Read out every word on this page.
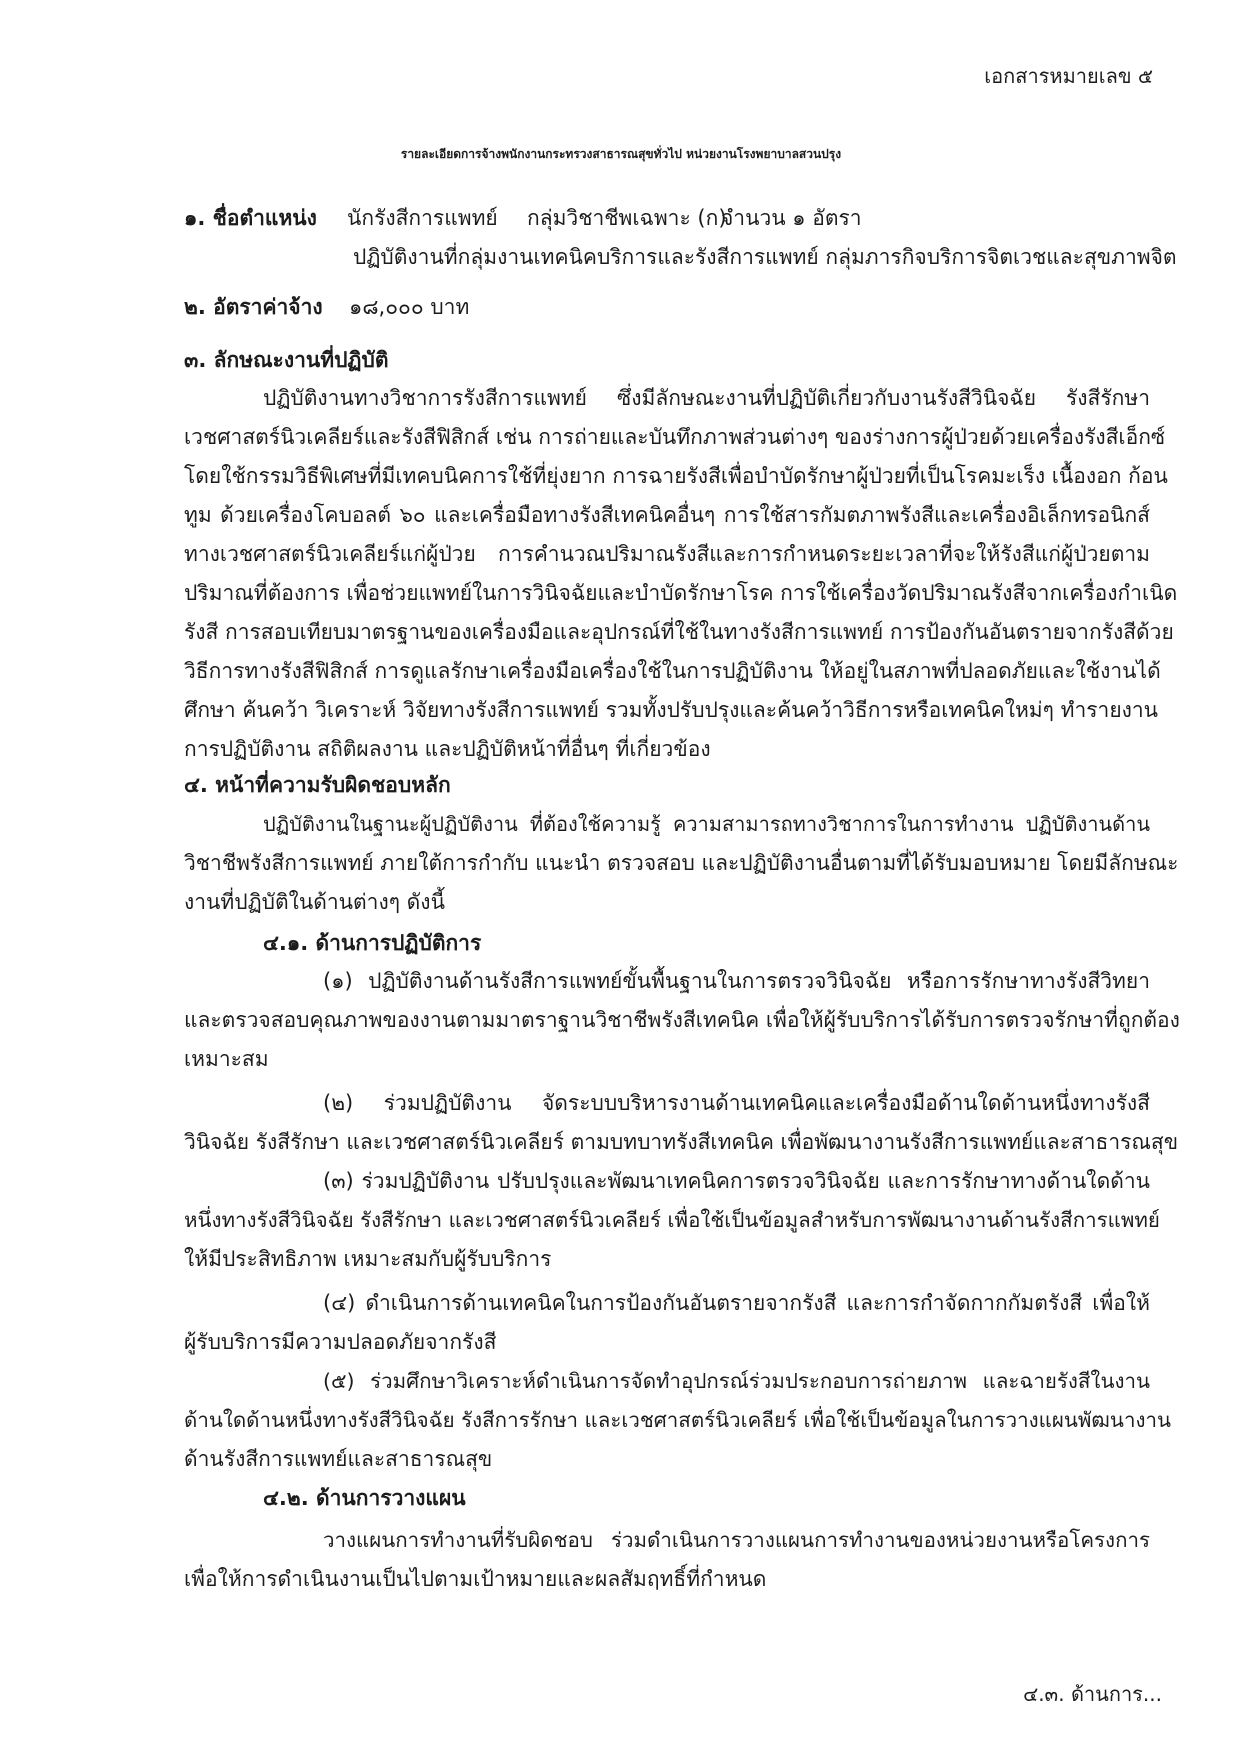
เอกสารหมายเลข ๕
รายละเอียดการจ้างพนักงานกระทรวงสาธารณสุขทั่วไป หน่วยงานโรงพยาบาลสวนปรุง
๑. ชื่อตำแหน่ง นักรังสีการแพทย์ กลุ่มวิชาชีพเฉพาะ (ก)
จำนวน ๑ อัตรา
ปฏิบัติงานที่กลุ่มงานเทคนิคบริการและรังสีการแพทย์ กลุ่มภารกิจบริการจิตเวชและสุขภาพจิต
๒. อัตราค่าจ้าง ๑๘,๐๐๐ บาท
๓. ลักษณะงานที่ปฏิบัติ
ปฏิบัติงานทางวิชาการรังสีการแพทย์ ซึ่งมีลักษณะงานที่ปฏิบัติเกี่ยวกับงานรังสีวินิจฉัย รังสีรักษา
เวชศาสตร์นิวเคลียร์และรังสีฟิสิกส์ เช่น การถ่ายและบันทึกภาพส่วนต่างๆ ของร่างการผู้ป่วยด้วยเครื่องรังสีเอ็กซ์
โดยใช้กรรมวิธีพิเศษที่มีเทคบนิคการใช้ที่ยุ่งยาก การฉายรังสีเพื่อบำบัดรักษาผู้ป่วยที่เป็นโรคมะเร็ง เนื้องอก ก้อน
ทูม ด้วยเครื่องโคบอลต์ ๖๐ และเครื่อมือทางรังสีเทคนิคอื่นๆ การใช้สารกัมตภาพรังสีและเครื่องอิเล็กทรอนิกส์
ทางเวชศาสตร์นิวเคลียร์แก่ผู้ป่วย การคำนวณปริมาณรังสีและการกำหนดระยะเวลาที่จะให้รังสีแก่ผู้ป่วยตาม
ปริมาณที่ต้องการ เพื่อช่วยแพทย์ในการวินิจฉัยและบำบัดรักษาโรค การใช้เครื่องวัดปริมาณรังสีจากเครื่องกำเนิด
รังสี การสอบเทียบมาตรฐานของเครื่องมือและอุปกรณ์ที่ใช้ในทางรังสีการแพทย์ การป้องกันอันตรายจากรังสีด้วย
วิธีการทางรังสีฟิสิกส์ การดูแลรักษาเครื่องมือเครื่องใช้ในการปฏิบัติงาน ให้อยู่ในสภาพที่ปลอดภัยและใช้งานได้
ศึกษา ค้นคว้า วิเคราะห์ วิจัยทางรังสีการแพทย์ รวมทั้งปรับปรุงและค้นคว้าวิธีการหรือเทคนิคใหม่ๆ ทำรายงาน
การปฏิบัติงาน สถิติผลงาน และปฏิบัติหน้าที่อื่นๆ ที่เกี่ยวข้อง
๔. หน้าที่ความรับผิดชอบหลัก
ปฏิบัติงานในฐานะผู้ปฏิบัติงาน ที่ต้องใช้ความรู้ ความสามารถทางวิชาการในการทำงาน ปฏิบัติงานด้าน
วิชาชีพรังสีการแพทย์ ภายใต้การกำกับ แนะนำ ตรวจสอบ และปฏิบัติงานอื่นตามที่ได้รับมอบหมาย โดยมีลักษณะ
งานที่ปฏิบัติในด้านต่างๆ ดังนี้
๔.๑. ด้านการปฏิบัติการ
(๑) ปฏิบัติงานด้านรังสีการแพทย์ขั้นพื้นฐานในการตรวจวินิจฉัย หรือการรักษาทางรังสีวิทยา
และตรวจสอบคุณภาพของงานตามมาตราฐานวิชาชีพรังสีเทคนิค เพื่อให้ผู้รับบริการได้รับการตรวจรักษาที่ถูกต้อง
เหมาะสม
(๒) ร่วมปฏิบัติงาน จัดระบบบริหารงานด้านเทคนิคและเครื่องมือด้านใดด้านหนึ่งทางรังสี
วินิจฉัย รังสีรักษา และเวชศาสตร์นิวเคลียร์ ตามบทบาทรังสีเทคนิค เพื่อพัฒนางานรังสีการแพทย์และสาธารณสุข
(๓) ร่วมปฏิบัติงาน ปรับปรุงและพัฒนาเทคนิคการตรวจวินิจฉัย และการรักษาทางด้านใดด้าน
หนึ่งทางรังสีวินิจฉัย รังสีรักษา และเวชศาสตร์นิวเคลียร์ เพื่อใช้เป็นข้อมูลสำหรับการพัฒนางานด้านรังสีการแพทย์
ให้มีประสิทธิภาพ เหมาะสมกับผู้รับบริการ
(๔) ดำเนินการด้านเทคนิคในการป้องกันอันตรายจากรังสี และการกำจัดกากกัมตรังสี เพื่อให้
ผู้รับบริการมีความปลอดภัยจากรังสี
(๕) ร่วมศึกษาวิเคราะห์ดำเนินการจัดทำอุปกรณ์ร่วมประกอบการถ่ายภาพ และฉายรังสีในงาน
ด้านใดด้านหนึ่งทางรังสีวินิจฉัย รังสีการรักษา และเวชศาสตร์นิวเคลียร์ เพื่อใช้เป็นข้อมูลในการวางแผนพัฒนางาน
ด้านรังสีการแพทย์และสาธารณสุข
๔.๒. ด้านการวางแผน
วางแผนการทำงานที่รับผิดชอบ ร่วมดำเนินการวางแผนการทำงานของหน่วยงานหรือโครงการ
เพื่อให้การดำเนินงานเป็นไปตามเป้าหมายและผลสัมฤทธิ์ที่กำหนด
๔.๓. ด้านการ...
